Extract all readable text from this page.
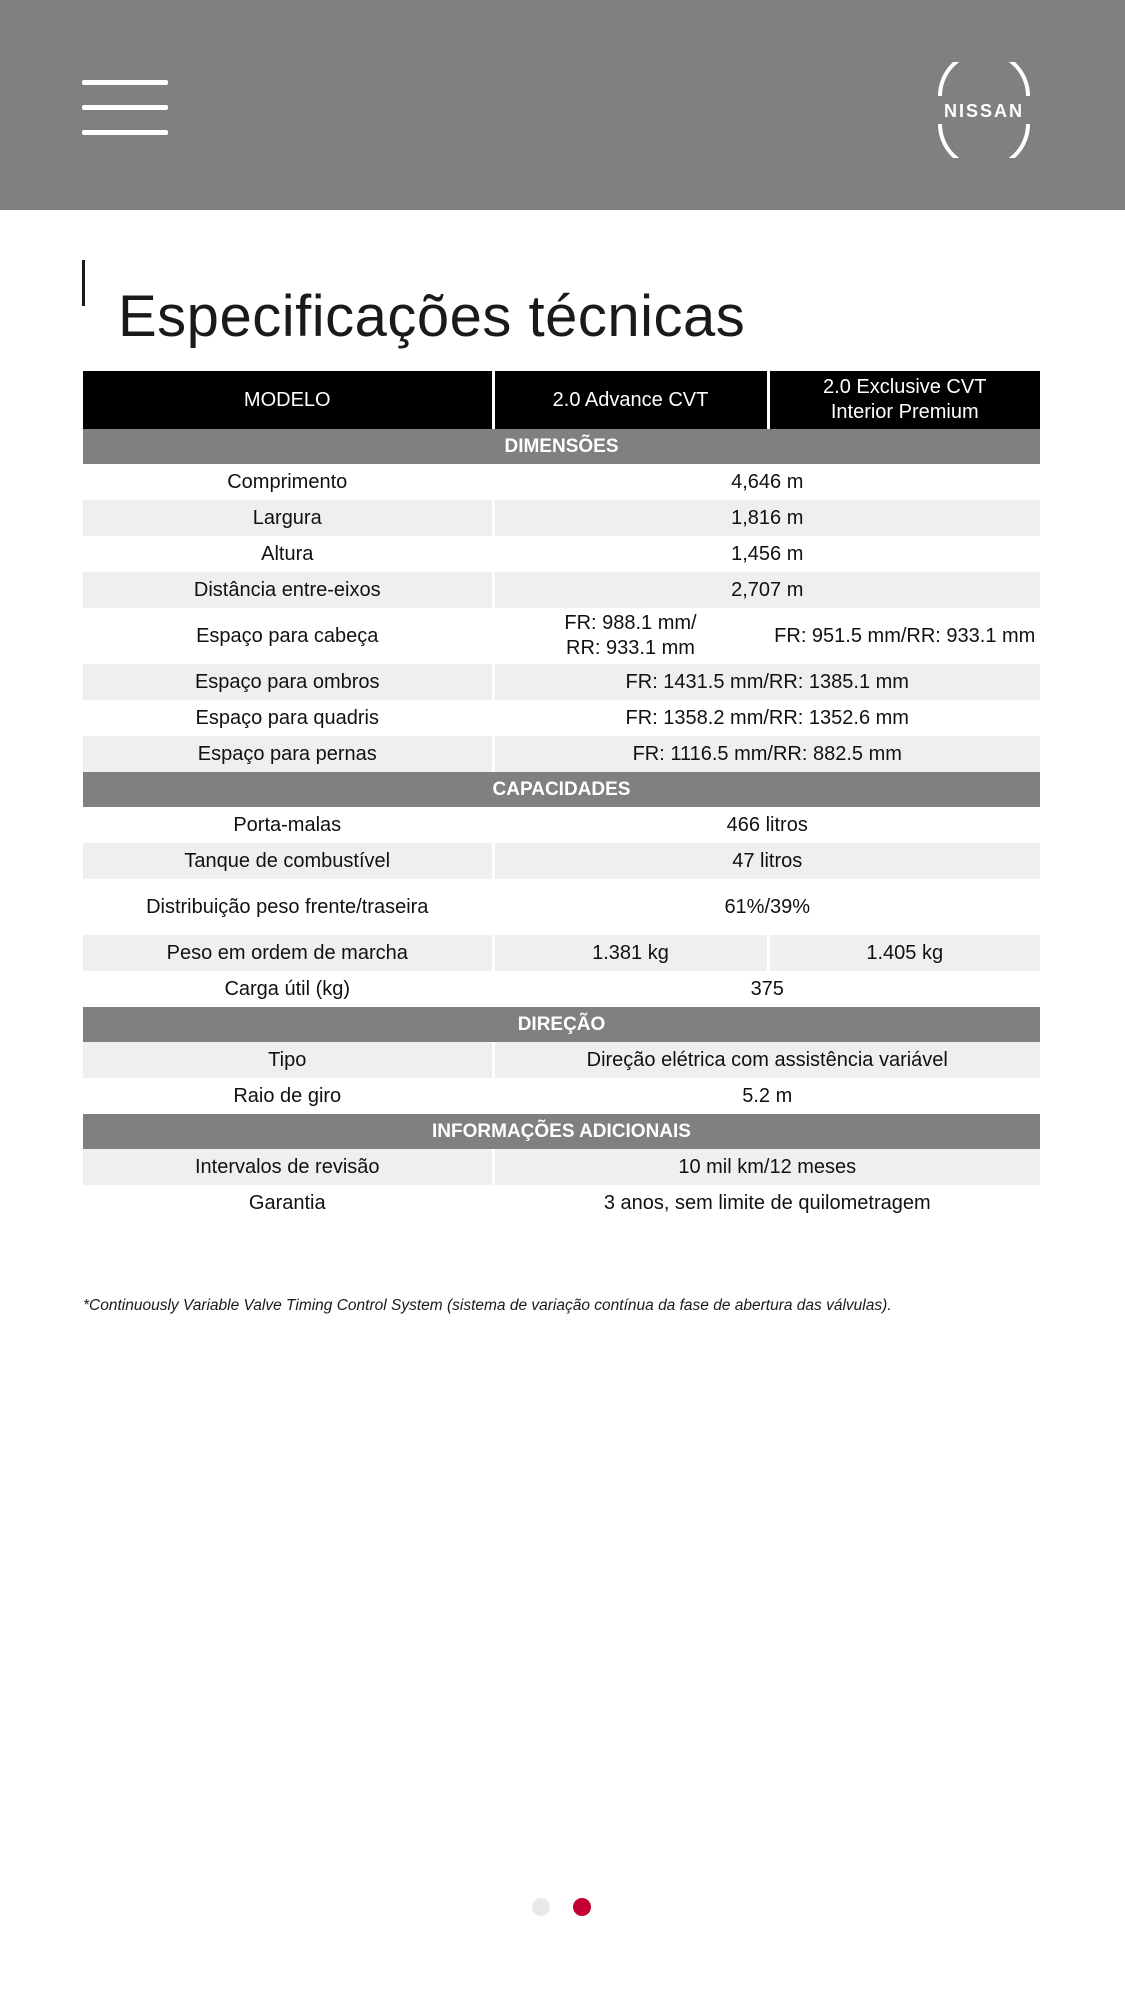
NISSAN
Especificações técnicas
MODELO	2.0 Advance CVT	2.0 Exclusive CVT Interior Premium

DIMENSÕES		
Comprimento	4,646 m	
Largura	1,816 m	
Altura	1,456 m	
Distância entre-eixos	2,707 m	
Espaço para cabeça	FR: 988.1 mm/ RR: 933.1 mm	FR: 951.5 mm/RR: 933.1 mm
Espaço para ombros	FR: 1431.5 mm/RR: 1385.1 mm	
Espaço para quadris	FR: 1358.2 mm/RR: 1352.6 mm	
Espaço para pernas	FR: 1116.5 mm/RR: 882.5 mm	
CAPACIDADES		
Porta-malas	466 litros	
Tanque de combustível	47 litros	
Distribuição peso frente/traseira	61%/39%	
Peso em ordem de marcha	1.381 kg	1.405 kg
Carga útil (kg)	375	
DIREÇÃO		
Tipo	Direção elétrica com assistência variável	
Raio de giro	5.2 m	
INFORMAÇÕES ADICIONAIS		
Intervalos de revisão	10 mil km/12 meses	
Garantia	3 anos, sem limite de quilometragem	
*Continuously Variable Valve Timing Control System (sistema de variação contínua da fase de abertura das válvulas).
